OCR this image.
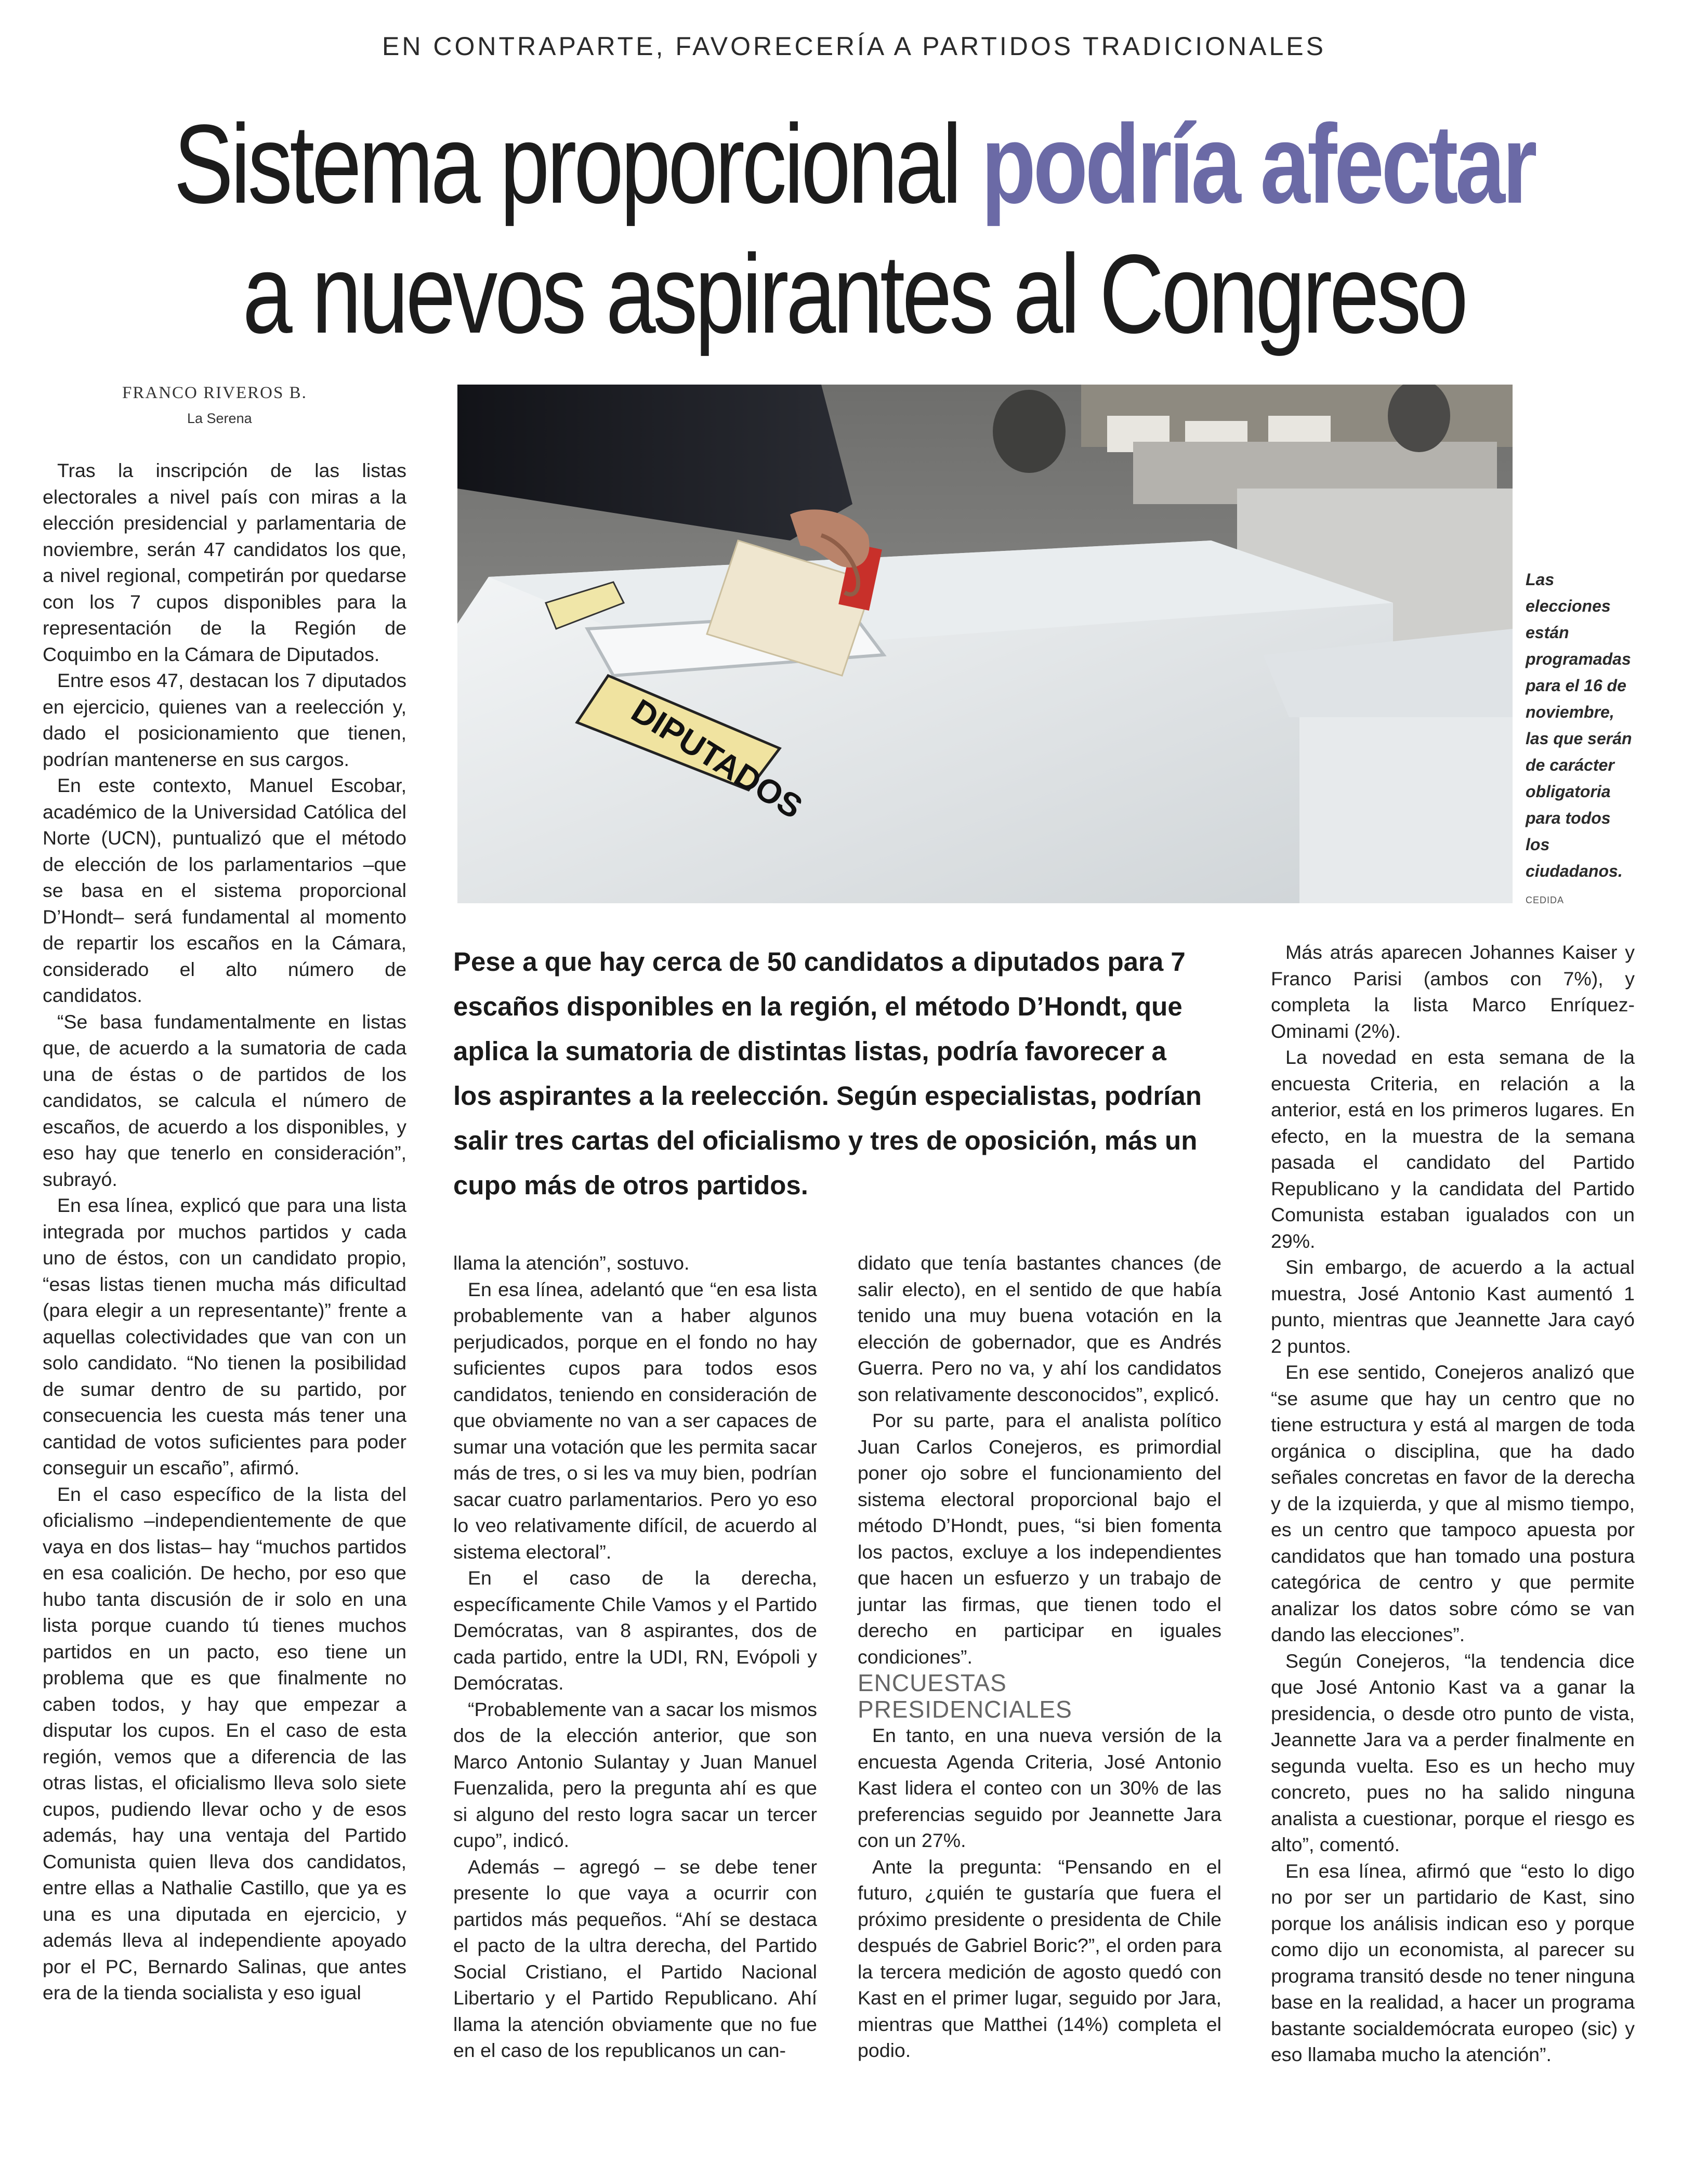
EN CONTRAPARTE, FAVORECERÍA A PARTIDOS TRADICIONALES
Sistema proporcional podría afectar
a nuevos aspirantes al Congreso
FRANCO RIVEROS B.
La Serena

Tras la inscripción de las listas electorales a nivel país con miras a la elección presidencial y parlamentaria de noviembre, serán 47 candidatos los que, a nivel regional, competirán por quedarse con los 7 cupos disponibles para la representación de la Región de Coquimbo en la Cámara de Diputados.

Entre esos 47, destacan los 7 diputados en ejercicio, quienes van a reelección y, dado el posicionamiento que tienen, podrían mantenerse en sus cargos.

En este contexto, Manuel Escobar, académico de la Universidad Católica del Norte (UCN), puntualizó que el método de elección de los parlamentarios –que se basa en el sistema proporcional D’Hondt– será fundamental al momento de repartir los escaños en la Cámara, considerado el alto número de candidatos.

“Se basa fundamentalmente en listas que, de acuerdo a la sumatoria de cada una de éstas o de partidos de los candidatos, se calcula el número de escaños, de acuerdo a los disponibles, y eso hay que tenerlo en consideración”, subrayó.

En esa línea, explicó que para una lista integrada por muchos partidos y cada uno de éstos, con un candidato propio, “esas listas tienen mucha más dificultad (para elegir a un representante)” frente a aquellas colectividades que van con un solo candidato. “No tienen la posibilidad de sumar dentro de su partido, por consecuencia les cuesta más tener una cantidad de votos suficientes para poder conseguir un escaño”, afirmó.

En el caso específico de la lista del oficialismo –independientemente de que vaya en dos listas– hay “muchos partidos en esa coalición. De hecho, por eso que hubo tanta discusión de ir solo en una lista porque cuando tú tienes muchos partidos en un pacto, eso tiene un problema que es que finalmente no caben todos, y hay que empezar a disputar los cupos. En el caso de esta región, vemos que a diferencia de las otras listas, el oficialismo lleva solo siete cupos, pudiendo llevar ocho y de esos además, hay una ventaja del Partido Comunista quien lleva dos candidatos, entre ellas a Nathalie Castillo, que ya es una es una diputada en ejercicio, y además lleva al independiente apoyado por el PC, Bernardo Salinas, que antes era de la tienda socialista y eso igual

DIPUTADOS
Las elecciones están programadas para el 16 de noviembre, las que serán de carácter obligatoria para todos los ciudadanos.
CEDIDA
Pese a que hay cerca de 50 candidatos a diputados para 7 escaños disponibles en la región, el método D’Hondt, que aplica la sumatoria de distintas listas, podría favorecer a los aspirantes a la reelección. Según especialistas, podrían salir tres cartas del oficialismo y tres de oposición, más un cupo más de otros partidos.

llama la atención”, sostuvo.

En esa línea, adelantó que “en esa lista probablemente van a haber algunos perjudicados, porque en el fondo no hay suficientes cupos para todos esos candidatos, teniendo en consideración de que obviamente no van a ser capaces de sumar una votación que les permita sacar más de tres, o si les va muy bien, podrían sacar cuatro parlamentarios. Pero yo eso lo veo relativamente difícil, de acuerdo al sistema electoral”.

En el caso de la derecha, específicamente Chile Vamos y el Partido Demócratas, van 8 aspirantes, dos de cada partido, entre la UDI, RN, Evópoli y Demócratas.

“Probablemente van a sacar los mismos dos de la elección anterior, que son Marco Antonio Sulantay y Juan Manuel Fuenzalida, pero la pregunta ahí es que si alguno del resto logra sacar un tercer cupo”, indicó.

Además – agregó – se debe tener presente lo que vaya a ocurrir con partidos más pequeños. “Ahí se destaca el pacto de la ultra derecha, del Partido Social Cristiano, el Partido Nacional Libertario y el Partido Republicano. Ahí llama la atención obviamente que no fue en el caso de los republicanos un can-

didato que tenía bastantes chances (de salir electo), en el sentido de que había tenido una muy buena votación en la elección de gobernador, que es Andrés Guerra. Pero no va, y ahí los candidatos son relativamente desconocidos”, explicó.

Por su parte, para el analista político Juan Carlos Conejeros, es primordial poner ojo sobre el funcionamiento del sistema electoral proporcional bajo el método D’Hondt, pues, “si bien fomenta los pactos, excluye a los independientes que hacen un esfuerzo y un trabajo de juntar las firmas, que tienen todo el derecho en participar en iguales condiciones”.

ENCUESTAS PRESIDENCIALES

En tanto, en una nueva versión de la encuesta Agenda Criteria, José Antonio Kast lidera el conteo con un 30% de las preferencias seguido por Jeannette Jara con un 27%.

Ante la pregunta: “Pensando en el futuro, ¿quién te gustaría que fuera el próximo presidente o presidenta de Chile después de Gabriel Boric?”, el orden para la tercera medición de agosto quedó con Kast en el primer lugar, seguido por Jara, mientras que Matthei (14%) completa el podio.

Más atrás aparecen Johannes Kaiser y Franco Parisi (ambos con 7%), y completa la lista Marco Enríquez-Ominami (2%).

La novedad en esta semana de la encuesta Criteria, en relación a la anterior, está en los primeros lugares. En efecto, en la muestra de la semana pasada el candidato del Partido Republicano y la candidata del Partido Comunista estaban igualados con un 29%.

Sin embargo, de acuerdo a la actual muestra, José Antonio Kast aumentó 1 punto, mientras que Jeannette Jara cayó 2 puntos.

En ese sentido, Conejeros analizó que “se asume que hay un centro que no tiene estructura y está al margen de toda orgánica o disciplina, que ha dado señales concretas en favor de la derecha y de la izquierda, y que al mismo tiempo, es un centro que tampoco apuesta por candidatos que han tomado una postura categórica de centro y que permite analizar los datos sobre cómo se van dando las elecciones”.

Según Conejeros, “la tendencia dice que José Antonio Kast va a ganar la presidencia, o desde otro punto de vista, Jeannette Jara va a perder finalmente en segunda vuelta. Eso es un hecho muy concreto, pues no ha salido ninguna analista a cuestionar, porque el riesgo es alto”, comentó.

En esa línea, afirmó que “esto lo digo no por ser un partidario de Kast, sino porque los análisis indican eso y porque como dijo un economista, al parecer su programa transitó desde no tener ninguna base en la realidad, a hacer un programa bastante socialdemócrata europeo (sic) y eso llamaba mucho la atención”.
